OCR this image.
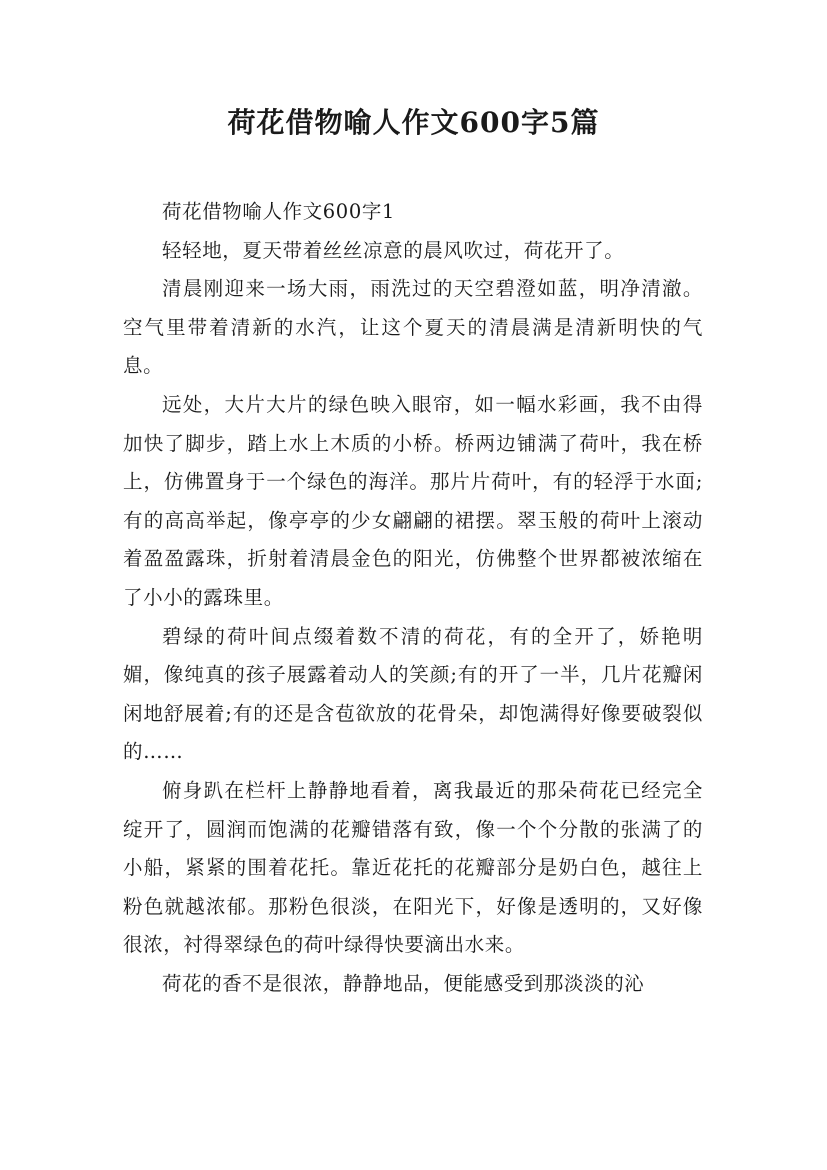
荷花借物喻人作文600字5篇

荷花借物喻人作文600字1

轻轻地，夏天带着丝丝凉意的晨风吹过，荷花开了。

清晨刚迎来一场大雨，雨洗过的天空碧澄如蓝，明净清澈。空气里带着清新的水汽，让这个夏天的清晨满是清新明快的气息。

远处，大片大片的绿色映入眼帘，如一幅水彩画，我不由得加快了脚步，踏上水上木质的小桥。桥两边铺满了荷叶，我在桥上，仿佛置身于一个绿色的海洋。那片片荷叶，有的轻浮于水面;有的高高举起，像亭亭的少女翩翩的裙摆。翠玉般的荷叶上滚动着盈盈露珠，折射着清晨金色的阳光，仿佛整个世界都被浓缩在了小小的露珠里。

碧绿的荷叶间点缀着数不清的荷花，有的全开了，娇艳明媚，像纯真的孩子展露着动人的笑颜;有的开了一半，几片花瓣闲闲地舒展着;有的还是含苞欲放的花骨朵，却饱满得好像要破裂似的……

俯身趴在栏杆上静静地看着，离我最近的那朵荷花已经完全绽开了，圆润而饱满的花瓣错落有致，像一个个分散的张满了的小船，紧紧的围着花托。靠近花托的花瓣部分是奶白色，越往上粉色就越浓郁。那粉色很淡，在阳光下，好像是透明的，又好像很浓，衬得翠绿色的荷叶绿得快要滴出水来。

荷花的香不是很浓，静静地品，便能感受到那淡淡的沁
